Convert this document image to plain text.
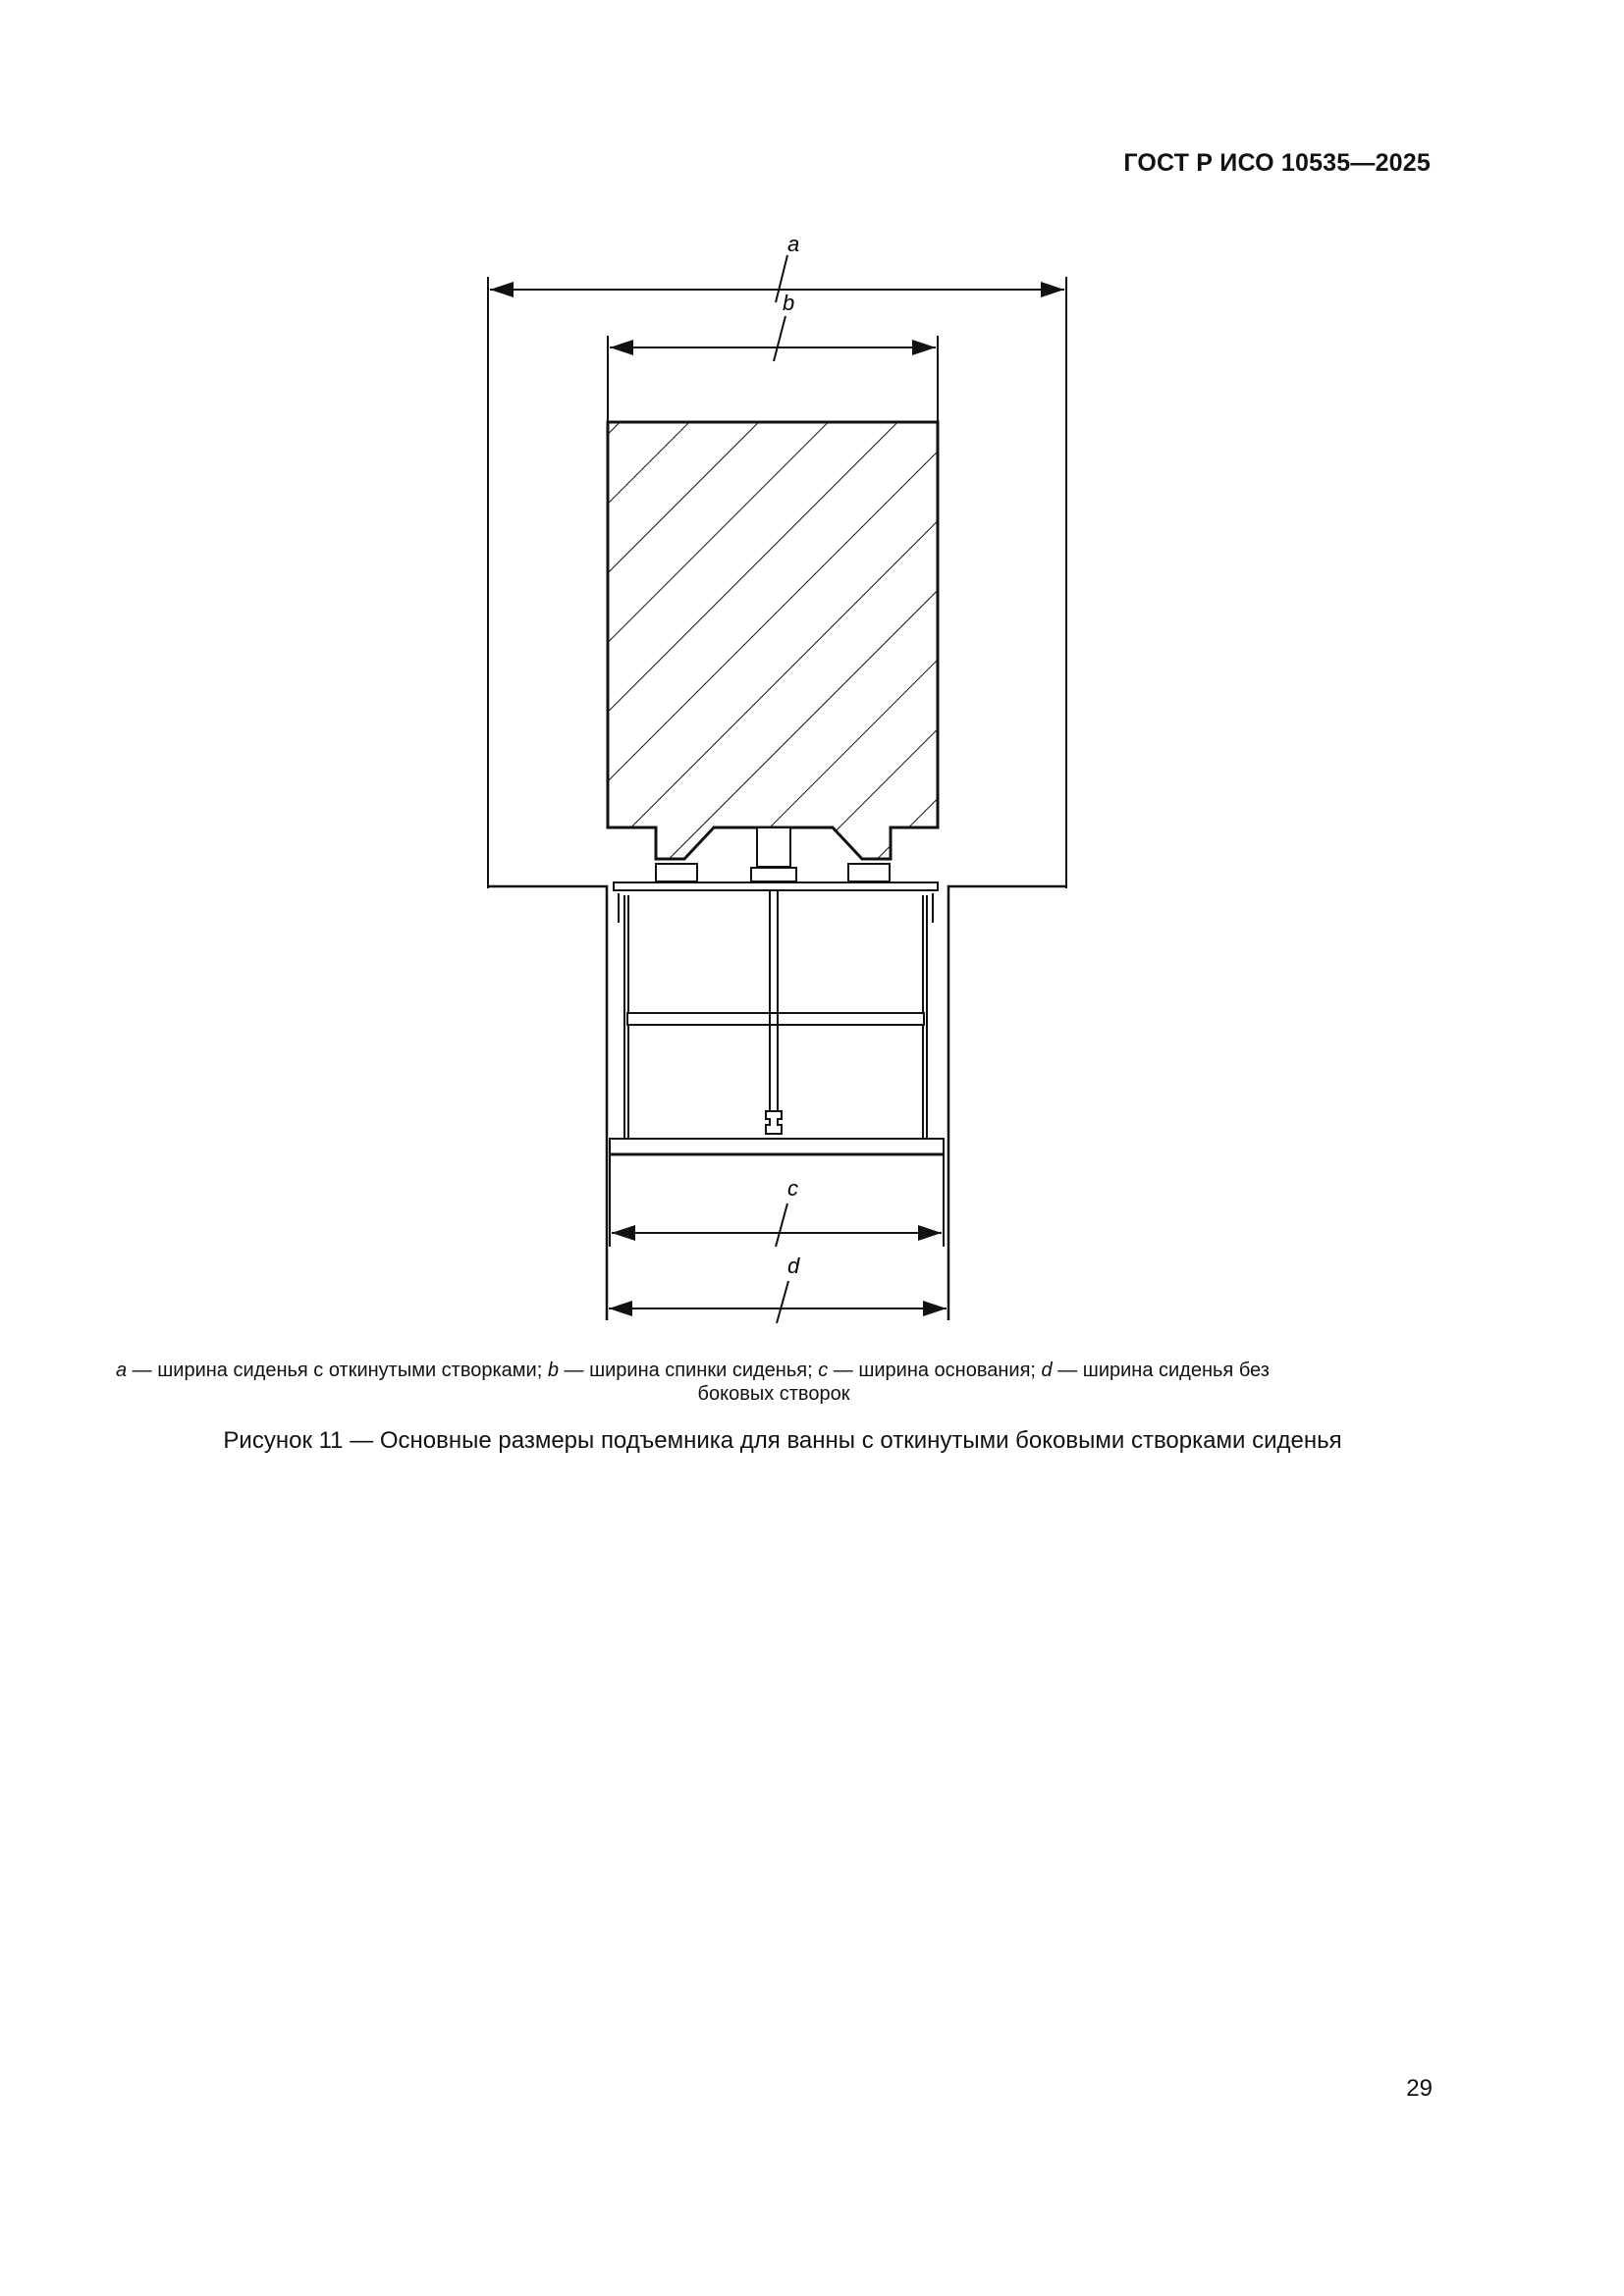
ГОСТ Р ИСО 10535—2025
a
b
c
d
a — ширина сиденья с откинутыми створками; b — ширина спинки сиденья; c — ширина основания; d — ширина сиденья без
боковых створок
Рисунок 11 — Основные размеры подъемника для ванны с откинутыми боковыми створками сиденья
29
